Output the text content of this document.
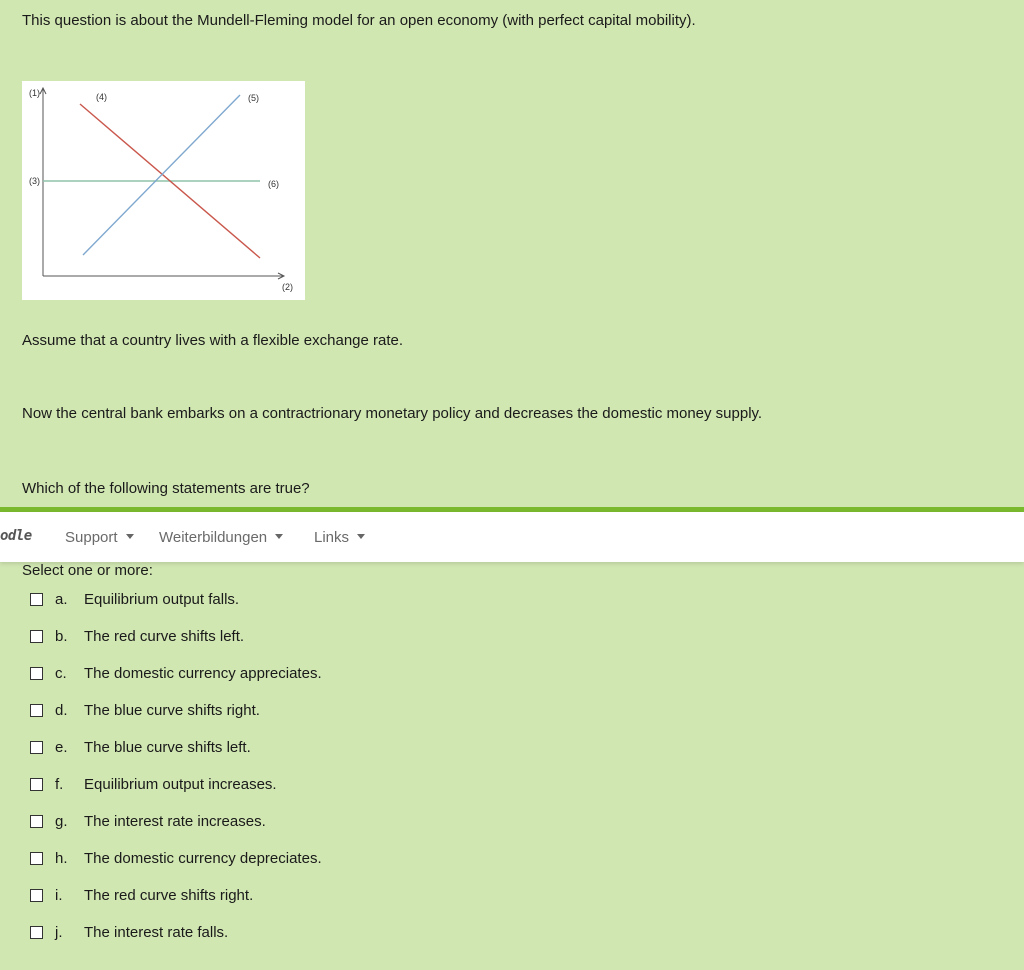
This question is about the Mundell-Fleming model for an open economy (with perfect capital mobility).

(1)	(4)	(5)
(3)	(6)
(2)

Assume that a country lives with a flexible exchange rate.

Now the central bank embarks on a contractrionary monetary policy and decreases the domestic money supply.

Which of the following statements are true?

odle Support	Weiterbildungen	Links
Select one or more:
a. Equilibrium output falls.
b. The red curve shifts left.
c. The domestic currency appreciates.
d. The blue curve shifts right.
e. The blue curve shifts left.
f. Equilibrium output increases.
g. The interest rate increases.
h. The domestic currency depreciates.
i. The red curve shifts right.
j. The interest rate falls.
